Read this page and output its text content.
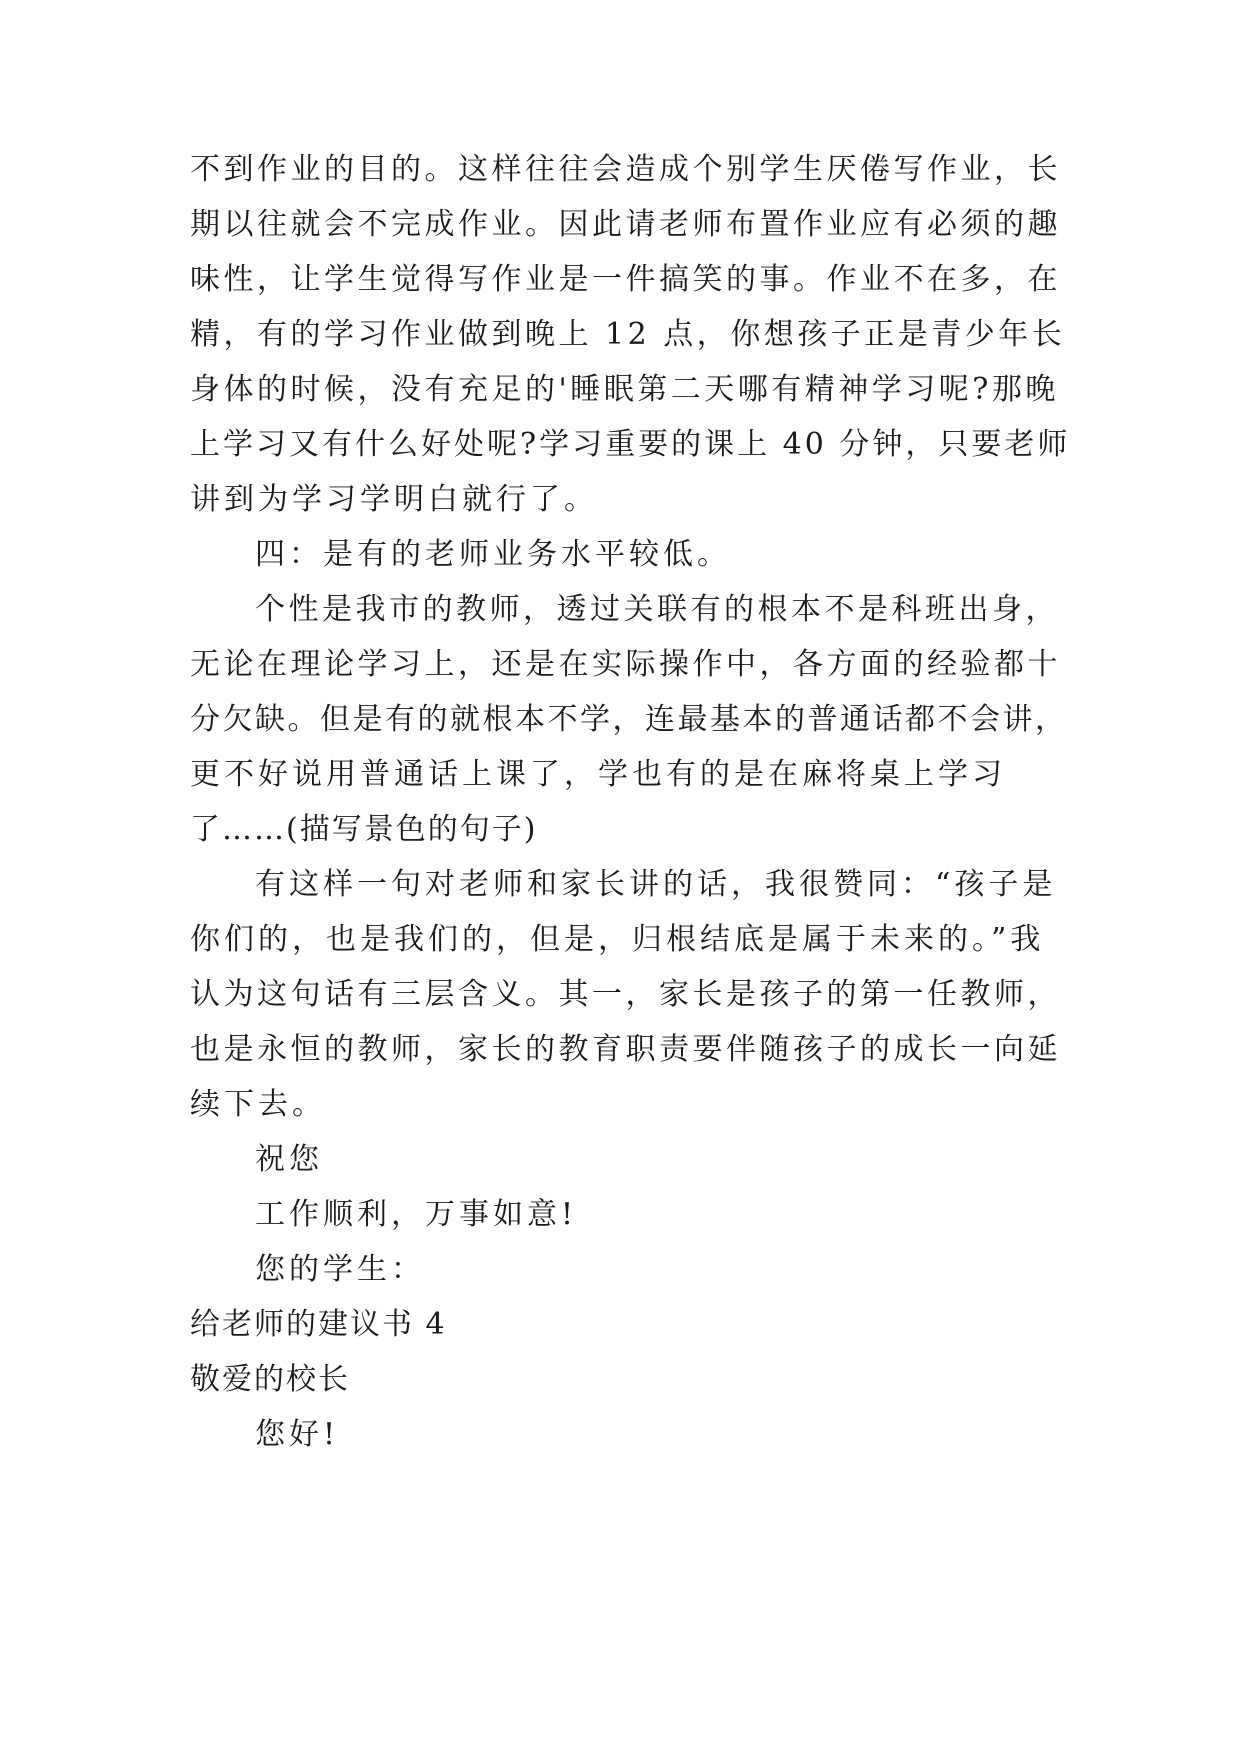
不到作业的目的。这样往往会造成个别学生厌倦写作业，长
期以往就会不完成作业。因此请老师布置作业应有必须的趣
味性，让学生觉得写作业是一件搞笑的事。作业不在多，在
精，有的学习作业做到晚上 12 点，你想孩子正是青少年长
身体的时候，没有充足的'睡眠第二天哪有精神学习呢?那晚
上学习又有什么好处呢?学习重要的课上 40 分钟，只要老师
讲到为学习学明白就行了。
四：是有的老师业务水平较低。
个性是我市的教师，透过关联有的根本不是科班出身，
无论在理论学习上，还是在实际操作中，各方面的经验都十
分欠缺。但是有的就根本不学，连最基本的普通话都不会讲，
更不好说用普通话上课了，学也有的是在麻将桌上学习
了……(描写景色的句子)
有这样一句对老师和家长讲的话，我很赞同：“孩子是
你们的，也是我们的，但是，归根结底是属于未来的。”我
认为这句话有三层含义。其一，家长是孩子的第一任教师，
也是永恒的教师，家长的教育职责要伴随孩子的成长一向延
续下去。
祝您
工作顺利，万事如意!
您的学生：
给老师的建议书 4
敬爱的校长
您好!
